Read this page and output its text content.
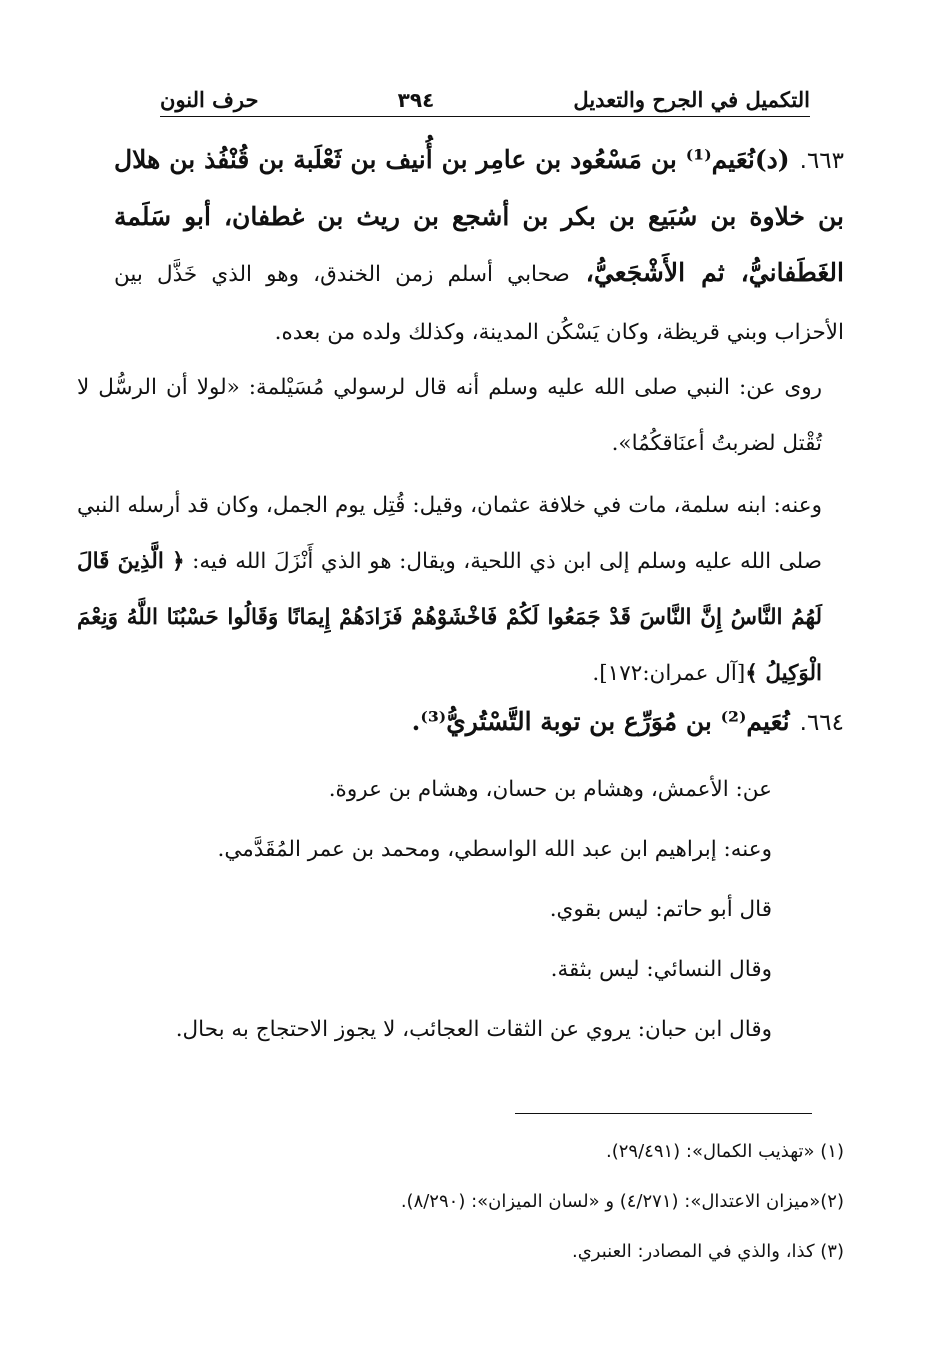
التكميل في الجرح والتعديل
٣٩٤
حرف النون
٦٦٣.(د)نُعَيم⁽¹⁾ بن مَسْعُود بن عامِر بن أُنيف بن ثَعْلَبة بن قُنْفُذ بن هلال بن خلاوة بن سُبَيع بن بكر بن أشجع بن ريث بن غطفان، أبو سَلَمة الغَطَفانيُّ، ثم الأَشْجَعيُّ، صحابي أسلم زمن الخندق، وهو الذي خَذَّل بين الأحزاب وبني قريظة، وكان يَسْكُن المدينة، وكذلك ولده من بعده.
روى عن: النبي صلى الله عليه وسلم أنه قال لرسولي مُسَيْلمة: «لولا أن الرسُّل لا تُقْتل لضربتُ أعنَاقكُمُا».
وعنه: ابنه سلمة، مات في خلافة عثمان، وقيل: قُتِل يوم الجمل، وكان قد أرسله النبي صلى الله عليه وسلم إلى ابن ذي اللحية، ويقال: هو الذي أَنْزَلَ الله فيه: ﴿ الَّذِينَ قَالَ لَهُمُ النَّاسُ إِنَّ النَّاسَ قَدْ جَمَعُوا لَكُمْ فَاخْشَوْهُمْ فَزَادَهُمْ إِيمَانًا وَقَالُوا حَسْبُنَا اللَّهُ وَنِعْمَ الْوَكِيلُ ﴾[آل عمران:١٧٢].
٦٦٤.نُعَيم⁽²⁾ بن مُوَرِّع بن توبة التَّسْتُريُّ⁽³⁾.
عن: الأعمش، وهشام بن حسان، وهشام بن عروة.
وعنه: إبراهيم ابن عبد الله الواسطي، ومحمد بن عمر المُقَدَّمي.
قال أبو حاتم: ليس بقوي.
وقال النسائي: ليس بثقة.
وقال ابن حبان: يروي عن الثقات العجائب، لا يجوز الاحتجاج به بحال.
(١) «تهذيب الكمال»: (٢٩/٤٩١).
(٢)«ميزان الاعتدال»: (٤/٢٧١) و «لسان الميزان»: (٨/٢٩٠).
(٣) كذا، والذي في المصادر: العنبري.
